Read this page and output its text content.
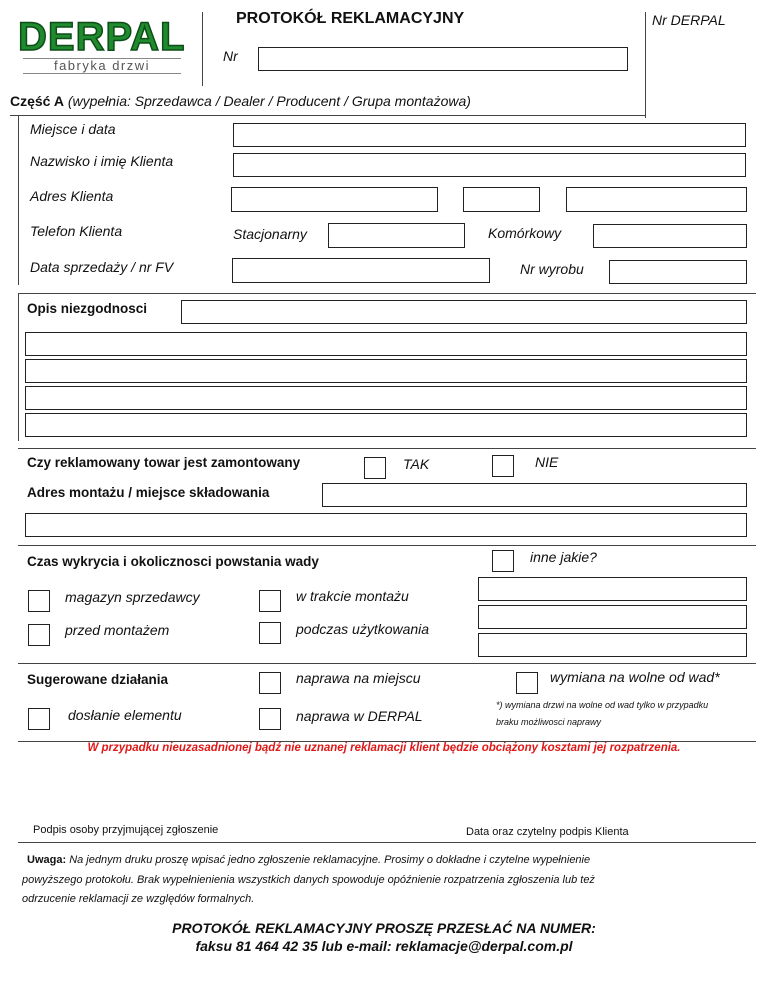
DERPAL
fabryka drzwi
PROTOKÓŁ REKLAMACYJNY	Nr DERPAL
Nr
Część A (wypełnia: Sprzedawca / Dealer / Producent / Grupa montażowa)
Miejsce i data
Nazwisko i imię Klienta
Adres Klienta
Telefon Klienta	Stacjonarny	Komórkowy
Data sprzedaży / nr FV	Nr wyrobu
Opis niezgodnosci
Czy reklamowany towar jest zamontowany	TAK	NIE
Adres montażu / miejsce składowania
Czas wykrycia i okolicznosci powstania wady	inne jakie?
magazyn sprzedawcy	w trakcie montażu
przed montażem	podczas użytkowania
Sugerowane działania	naprawa na miejscu	wymiana na wolne od wad*
dosłanie elementu	naprawa w DERPAL
*) wymiana drzwi na wolne od wad tylko w przypadku
braku możliwosci naprawy
W przypadku nieuzasadnionej bądź nie uznanej reklamacji klient będzie obciążony kosztami jej rozpatrzenia.
Podpis osoby przyjmującej zgłoszenie	Data oraz czytelny podpis Klienta
Uwaga: Na jednym druku proszę wpisać jedno zgłoszenie reklamacyjne. Prosimy o dokładne i czytelne wypełnienie
powyższego protokołu. Brak wypełnienienia wszystkich danych spowoduje opóźnienie rozpatrzenia zgłoszenia lub też
odrzucenie reklamacji ze względów formalnych.
PROTOKÓŁ REKLAMACYJNY PROSZĘ PRZESŁAĆ NA NUMER:
faksu 81 464 42 35 lub e-mail: reklamacje@derpal.com.pl
